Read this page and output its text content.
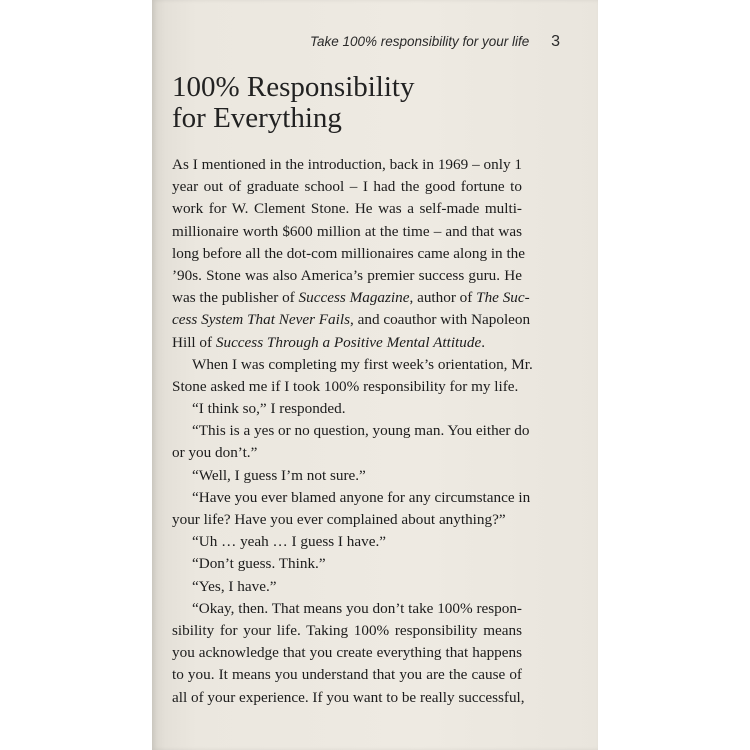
Take 100% responsibility for your life 3
100% Responsibility
for Everything
As I mentioned in the introduction, back in 1969 – only 1
year out of graduate school – I had the good fortune to
work for W. Clement Stone. He was a self-made multi-
millionaire worth $600 million at the time – and that was
long before all the dot-com millionaires came along in the
’90s. Stone was also America’s premier success guru. He
was the publisher of Success Magazine, author of The Suc-
cess System That Never Fails, and coauthor with Napoleon
Hill of Success Through a Positive Mental Attitude.
When I was completing my first week’s orientation, Mr.
Stone asked me if I took 100% responsibility for my life.
“I think so,” I responded.
“This is a yes or no question, young man. You either do
or you don’t.”
“Well, I guess I’m not sure.”
“Have you ever blamed anyone for any circumstance in
your life? Have you ever complained about anything?”
“Uh … yeah … I guess I have.”
“Don’t guess. Think.”
“Yes, I have.”
“Okay, then. That means you don’t take 100% respon-
sibility for your life. Taking 100% responsibility means
you acknowledge that you create everything that happens
to you. It means you understand that you are the cause of
all of your experience. If you want to be really successful,
